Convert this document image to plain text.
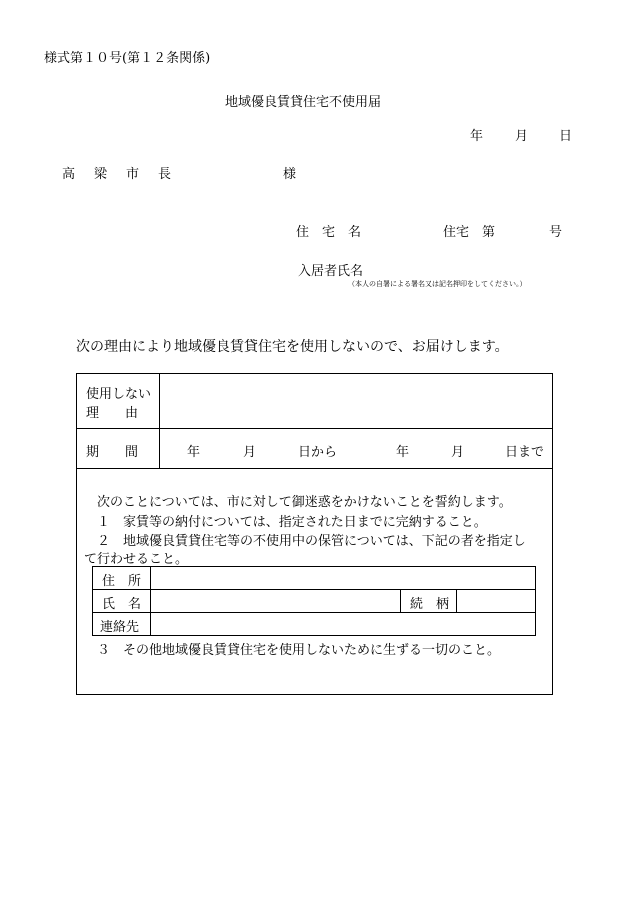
様式第１０号(第１２条関係)
地域優良賃貸住宅不使用届
年 月 日
高　梁　市　長	様
住　宅　名	住宅　第	号
入居者氏名
（本人の自署による署名又は記名押印をしてください。）
次の理由により地域優良賃貸住宅を使用しないので、お届けします。
使用しない
理　　由
期　　間	年	月	日から	年	月	日まで
次のことについては、市に対して御迷惑をかけないことを誓約します。
１　家賃等の納付については、指定された日までに完納すること。
２　地域優良賃貸住宅等の不使用中の保管については、下記の者を指定し
て行わせること。
住　所
氏　名	続　柄
連絡先
３　その他地域優良賃貸住宅を使用しないために生ずる一切のこと。
